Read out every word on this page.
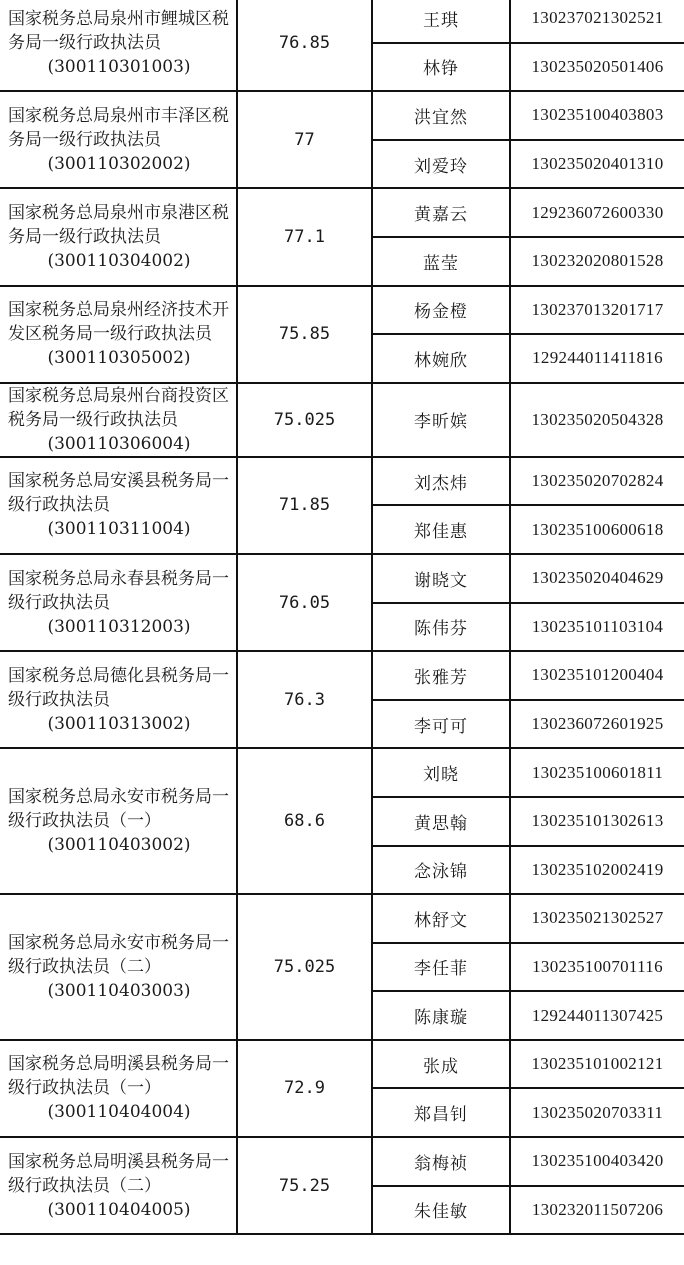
国家税务总局泉州市鲤城区税务局一级行政执法员
(300110301003)	76.85	王琪	130237021302521
		林铮	130235020501406
国家税务总局泉州市丰泽区税务局一级行政执法员
(300110302002)	77	洪宜然	130235100403803
		刘爱玲	130235020401310
国家税务总局泉州市泉港区税务局一级行政执法员
(300110304002)	77.1	黄嘉云	129236072600330
		蓝莹	130232020801528
国家税务总局泉州经济技术开发区税务局一级行政执法员
(300110305002)	75.85	杨金橙	130237013201717
		林婉欣	129244011411816
国家税务总局泉州台商投资区税务局一级行政执法员
(300110306004)	75.025	李昕嫔	130235020504328
国家税务总局安溪县税务局一级行政执法员
(300110311004)	71.85	刘杰炜	130235020702824
		郑佳惠	130235100600618
国家税务总局永春县税务局一级行政执法员
(300110312003)	76.05	谢晓文	130235020404629
		陈伟芬	130235101103104
国家税务总局德化县税务局一级行政执法员
(300110313002)	76.3	张雅芳	130235101200404
		李可可	130236072601925
国家税务总局永安市税务局一级行政执法员（一）
(300110403002)	68.6	刘晓	130235100601811
		黄思翰	130235101302613
		念泳锦	130235102002419
国家税务总局永安市税务局一级行政执法员（二）
(300110403003)	75.025	林舒文	130235021302527
		李任菲	130235100701116
		陈康璇	129244011307425
国家税务总局明溪县税务局一级行政执法员（一）
(300110404004)	72.9	张成	130235101002121
		郑昌钊	130235020703311
国家税务总局明溪县税务局一级行政执法员（二）
(300110404005)	75.25	翁梅祯	130235100403420
		朱佳敏	130232011507206
